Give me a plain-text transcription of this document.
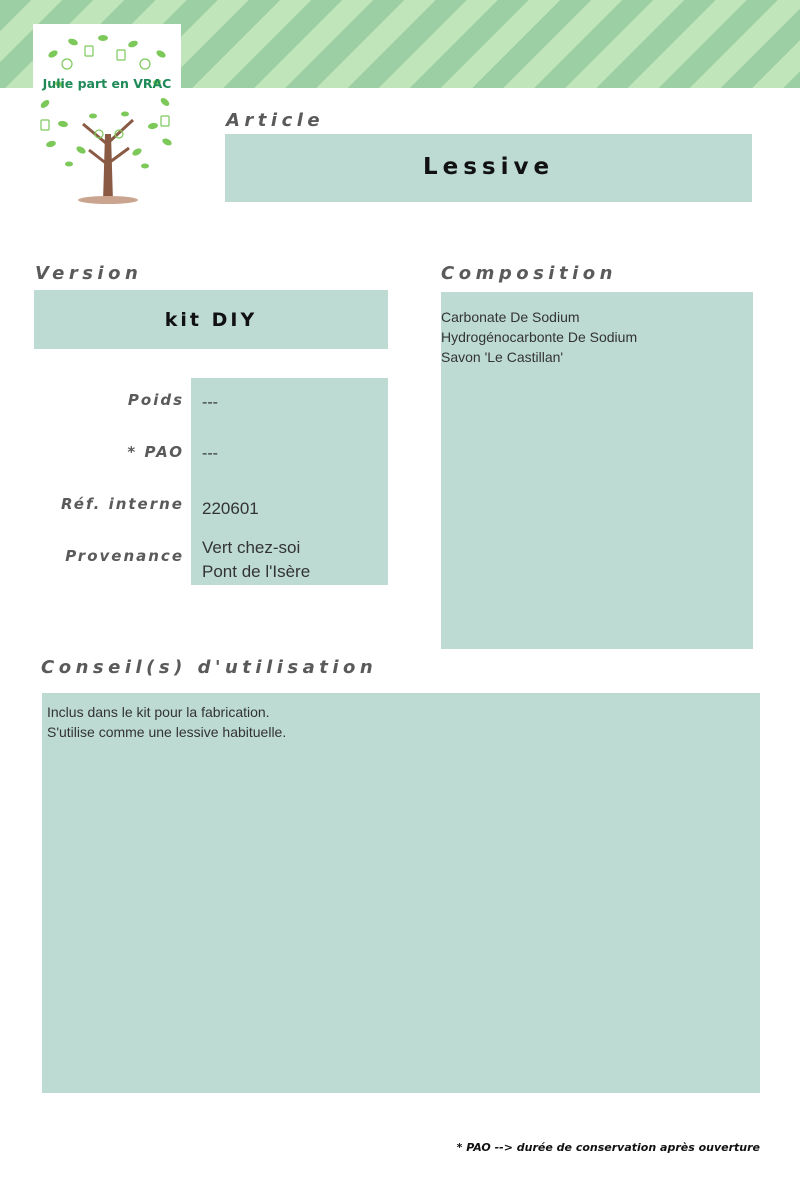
Julie part en VRAC
Article
Lessive
Version
kit DIY
Poids ---
* PAO ---
Réf. interne 220601
Provenance Vert chez-soi
Pont de l'Isère
Composition
Carbonate De Sodium
Hydrogénocarbonte De Sodium
Savon 'Le Castillan'
Conseil(s) d'utilisation
Inclus dans le kit pour la fabrication.
S'utilise comme une lessive habituelle.
* PAO --> durée de conservation après ouverture
